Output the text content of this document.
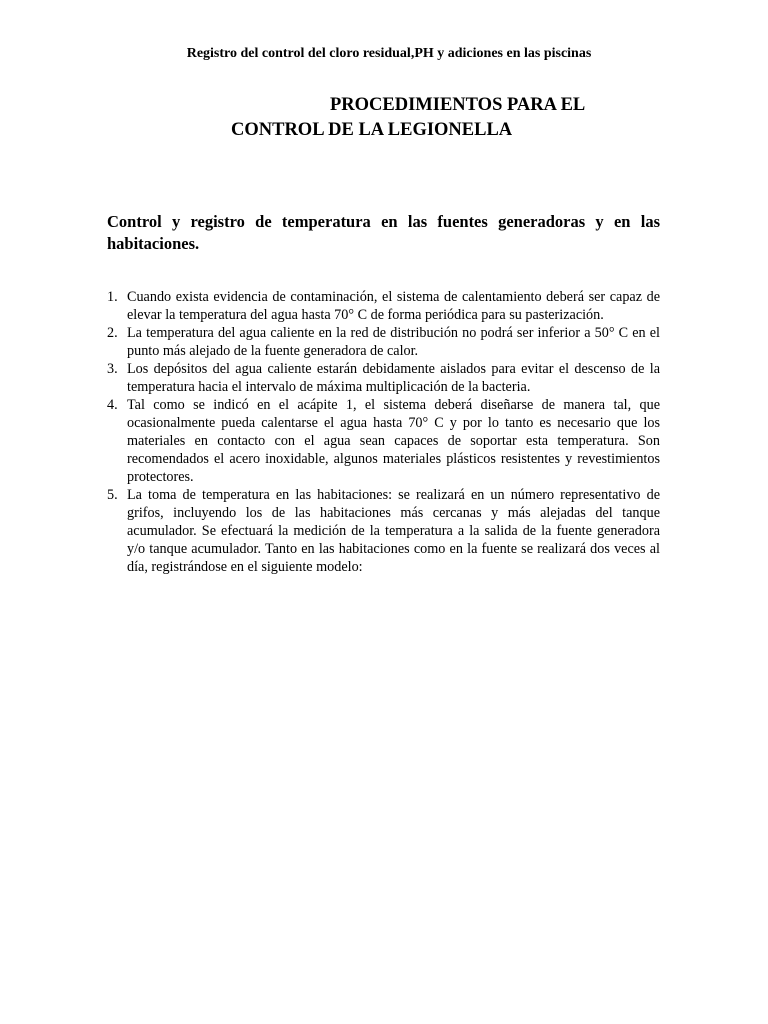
Registro del control del cloro residual,PH y adiciones en las piscinas
PROCEDIMIENTOS PARA EL
CONTROL DE LA LEGIONELLA
Control y registro de temperatura en las fuentes generadoras y en las habitaciones.
1. Cuando exista evidencia de contaminación, el sistema de calentamiento deberá ser capaz de elevar la temperatura del agua hasta 70° C de forma periódica para su pasterización.
2. La temperatura del agua caliente en la red de distribución no podrá ser inferior a 50° C en el punto más alejado de la fuente generadora de calor.
3. Los depósitos del agua caliente estarán debidamente aislados para evitar el descenso de la temperatura hacia el intervalo de máxima multiplicación de la bacteria.
4. Tal como se indicó en el acápite 1, el sistema deberá diseñarse de manera tal, que ocasionalmente pueda calentarse el agua hasta 70° C y por lo tanto es necesario que los materiales en contacto con el agua sean capaces de soportar esta temperatura. Son recomendados el acero inoxidable, algunos materiales plásticos resistentes y revestimientos protectores.
5. La toma de temperatura en las habitaciones: se realizará en un número representativo de grifos, incluyendo los de las habitaciones más cercanas y más alejadas del tanque acumulador. Se efectuará la medición de la temperatura a la salida de la fuente generadora y/o tanque acumulador. Tanto en las habitaciones como en la fuente se realizará dos veces al día, registrándose en el siguiente modelo:
